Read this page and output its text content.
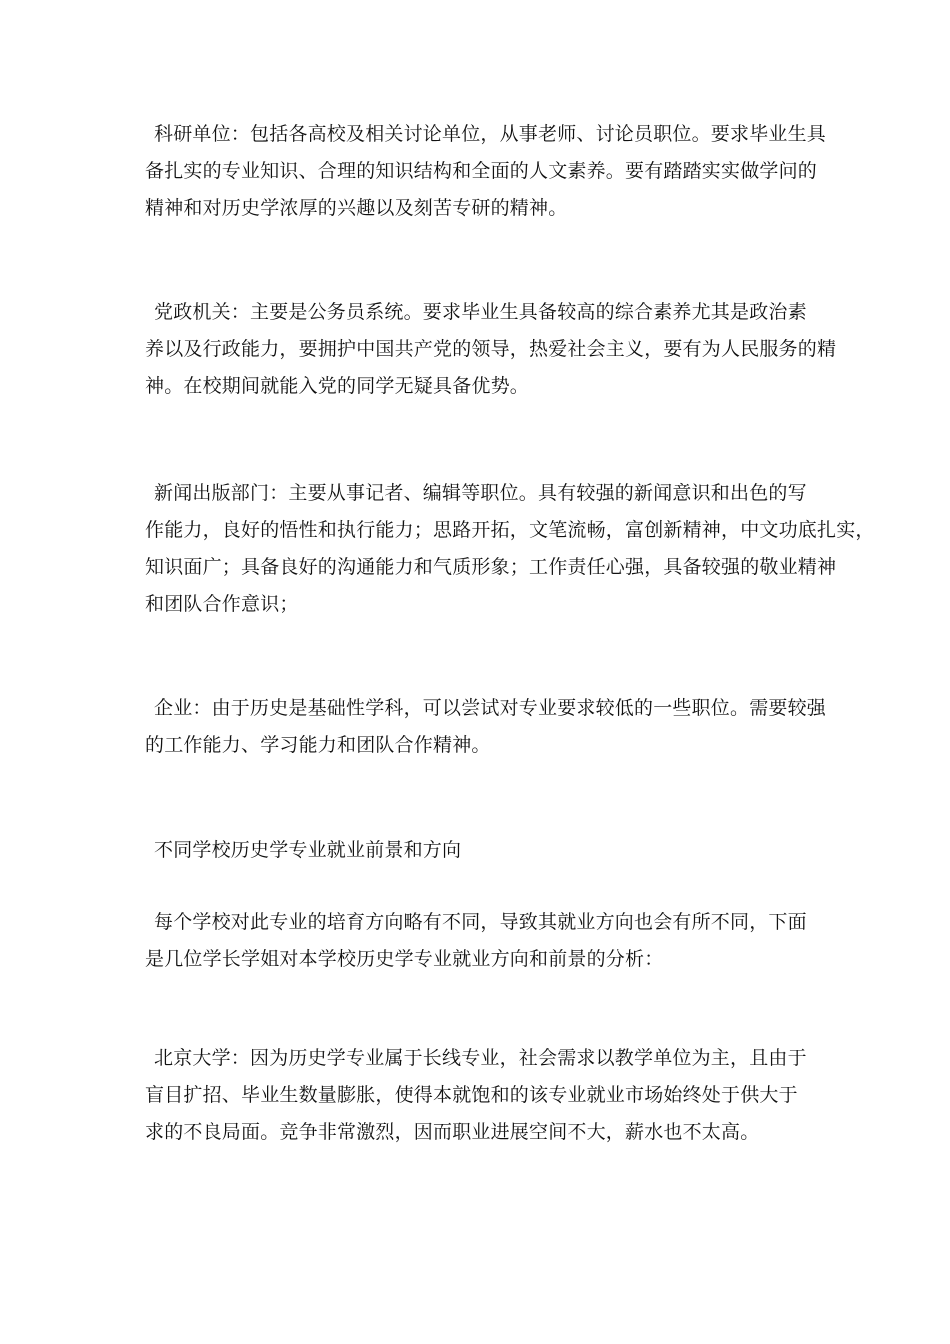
科研单位：包括各高校及相关讨论单位，从事老师、讨论员职位。要求毕业生具
备扎实的专业知识、合理的知识结构和全面的人文素养。要有踏踏实实做学问的
精神和对历史学浓厚的兴趣以及刻苦专研的精神。
党政机关：主要是公务员系统。要求毕业生具备较高的综合素养尤其是政治素
养以及行政能力，要拥护中国共产党的领导，热爱社会主义，要有为人民服务的精
神。在校期间就能入党的同学无疑具备优势。
新闻出版部门：主要从事记者、编辑等职位。具有较强的新闻意识和出色的写
作能力，良好的悟性和执行能力；思路开拓，文笔流畅，富创新精神，中文功底扎实，
知识面广；具备良好的沟通能力和气质形象；工作责任心强，具备较强的敬业精神
和团队合作意识；
企业：由于历史是基础性学科，可以尝试对专业要求较低的一些职位。需要较强
的工作能力、学习能力和团队合作精神。
不同学校历史学专业就业前景和方向
每个学校对此专业的培育方向略有不同，导致其就业方向也会有所不同，下面
是几位学长学姐对本学校历史学专业就业方向和前景的分析：
北京大学：因为历史学专业属于长线专业，社会需求以教学单位为主，且由于
盲目扩招、毕业生数量膨胀，使得本就饱和的该专业就业市场始终处于供大于
求的不良局面。竞争非常激烈，因而职业进展空间不大，薪水也不太高。
